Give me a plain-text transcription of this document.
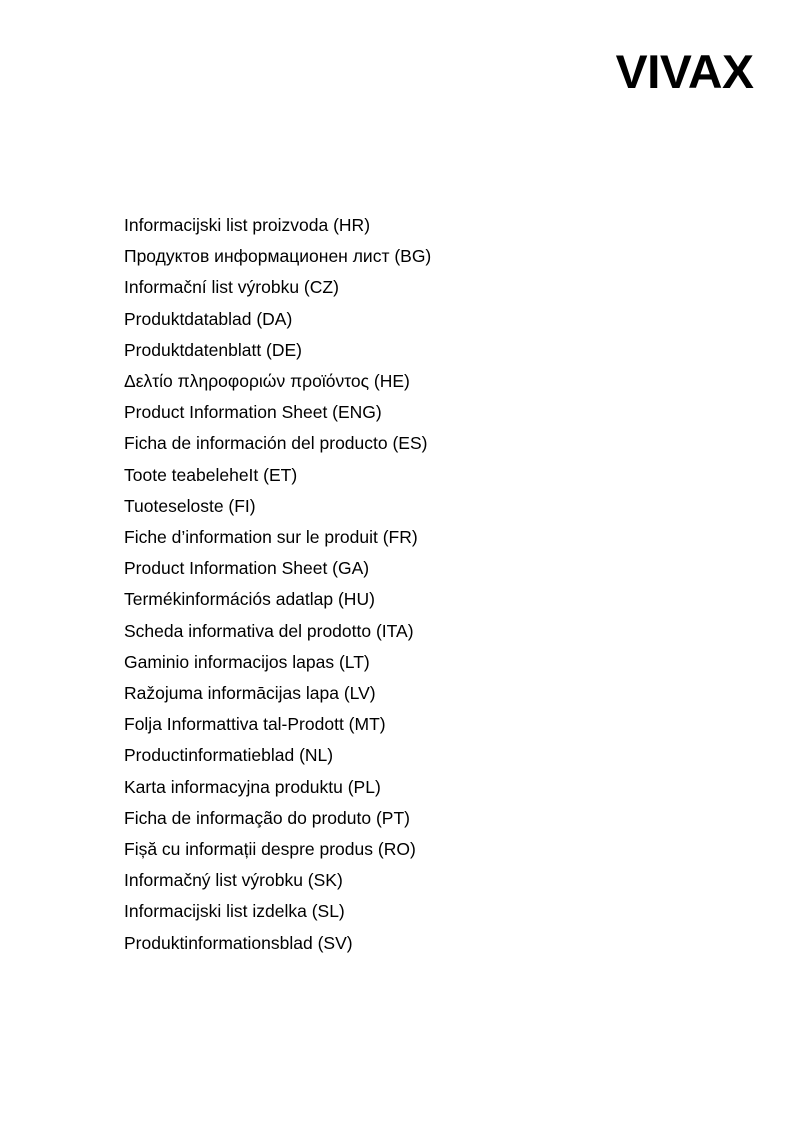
VIVAX
Informacijski list proizvoda (HR)
Продуктов информационен лист (BG)
Informační list výrobku (CZ)
Produktdatablad (DA)
Produktdatenblatt (DE)
Δελτίο πληροφοριών προϊόντος (HE)
Product Information Sheet (ENG)
Ficha de información del producto (ES)
Toote teabeleheIt (ET)
Tuoteseloste (FI)
Fiche d’information sur le produit (FR)
Product Information Sheet (GA)
Termékinformációs adatlap (HU)
Scheda informativa del prodotto (ITA)
Gaminio informacijos lapas (LT)
Ražojuma informācijas lapa (LV)
Folja Informattiva tal-Prodott (MT)
Productinformatieblad (NL)
Karta informacyjna produktu (PL)
Ficha de informação do produto (PT)
Fișă cu informații despre produs (RO)
Informačný list výrobku (SK)
Informacijski list izdelka (SL)
Produktinformationsblad (SV)
